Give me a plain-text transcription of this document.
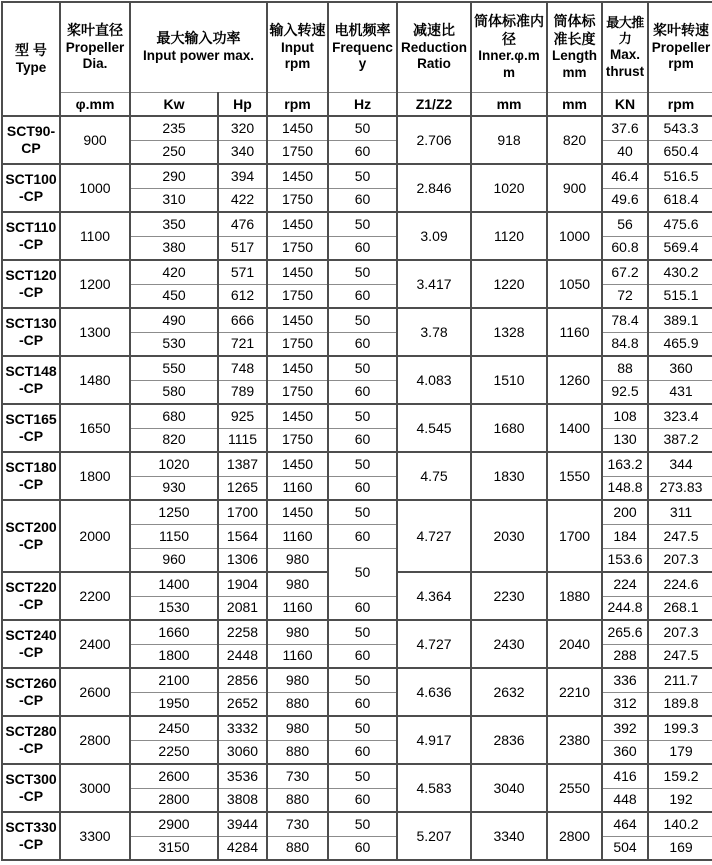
型 号
Type

桨叶直径
Propeller Dia.

最大输入功率
Input power max.

输入转速
Input rpm

电机频率
Frequency

减速比
Reduction Ratio

筒体标准内径
Inner.φ.mm

筒体标准长度
Length mm

最大推力
Max. thrust

桨叶转速
Propeller rpm

	φ.mm	Kw	Hp	rpm	Hz	Z1/Z2	mm	mm	KN	rpm
SCT90-CP	900	235	320	1450	50	2.706	918	820	37.6	543.3
		250	340	1750	60				40	650.4
SCT100-CP	1000	290	394	1450	50	2.846	1020	900	46.4	516.5
		310	422	1750	60				49.6	618.4
SCT110-CP	1100	350	476	1450	50	3.09	1120	1000	56	475.6
		380	517	1750	60				60.8	569.4
SCT120-CP	1200	420	571	1450	50	3.417	1220	1050	67.2	430.2
		450	612	1750	60				72	515.1
SCT130-CP	1300	490	666	1450	50	3.78	1328	1160	78.4	389.1
		530	721	1750	60				84.8	465.9
SCT148-CP	1480	550	748	1450	50	4.083	1510	1260	88	360
		580	789	1750	60				92.5	431
SCT165-CP	1650	680	925	1450	50	4.545	1680	1400	108	323.4
		820	1115	1750	60				130	387.2
SCT180-CP	1800	1020	1387	1450	50	4.75	1830	1550	163.2	344
		930	1265	1160	60				148.8	273.83
SCT200-CP	2000	1250	1700	1450	50	4.727	2030	1700	200	311
		1150	1564	1160	60				184	247.5
		960	1306	980	50				153.6	207.3
SCT220-CP	2200	1400	1904	980		4.364	2230	1880	224	224.6
		1530	2081	1160	60				244.8	268.1
SCT240-CP	2400	1660	2258	980	50	4.727	2430	2040	265.6	207.3
		1800	2448	1160	60				288	247.5
SCT260-CP	2600	2100	2856	980	50	4.636	2632	2210	336	211.7
		1950	2652	880	60				312	189.8
SCT280-CP	2800	2450	3332	980	50	4.917	2836	2380	392	199.3
		2250	3060	880	60				360	179
SCT300-CP	3000	2600	3536	730	50	4.583	3040	2550	416	159.2
		2800	3808	880	60				448	192
SCT330-CP	3300	2900	3944	730	50	5.207	3340	2800	464	140.2
		3150	4284	880	60				504	169
